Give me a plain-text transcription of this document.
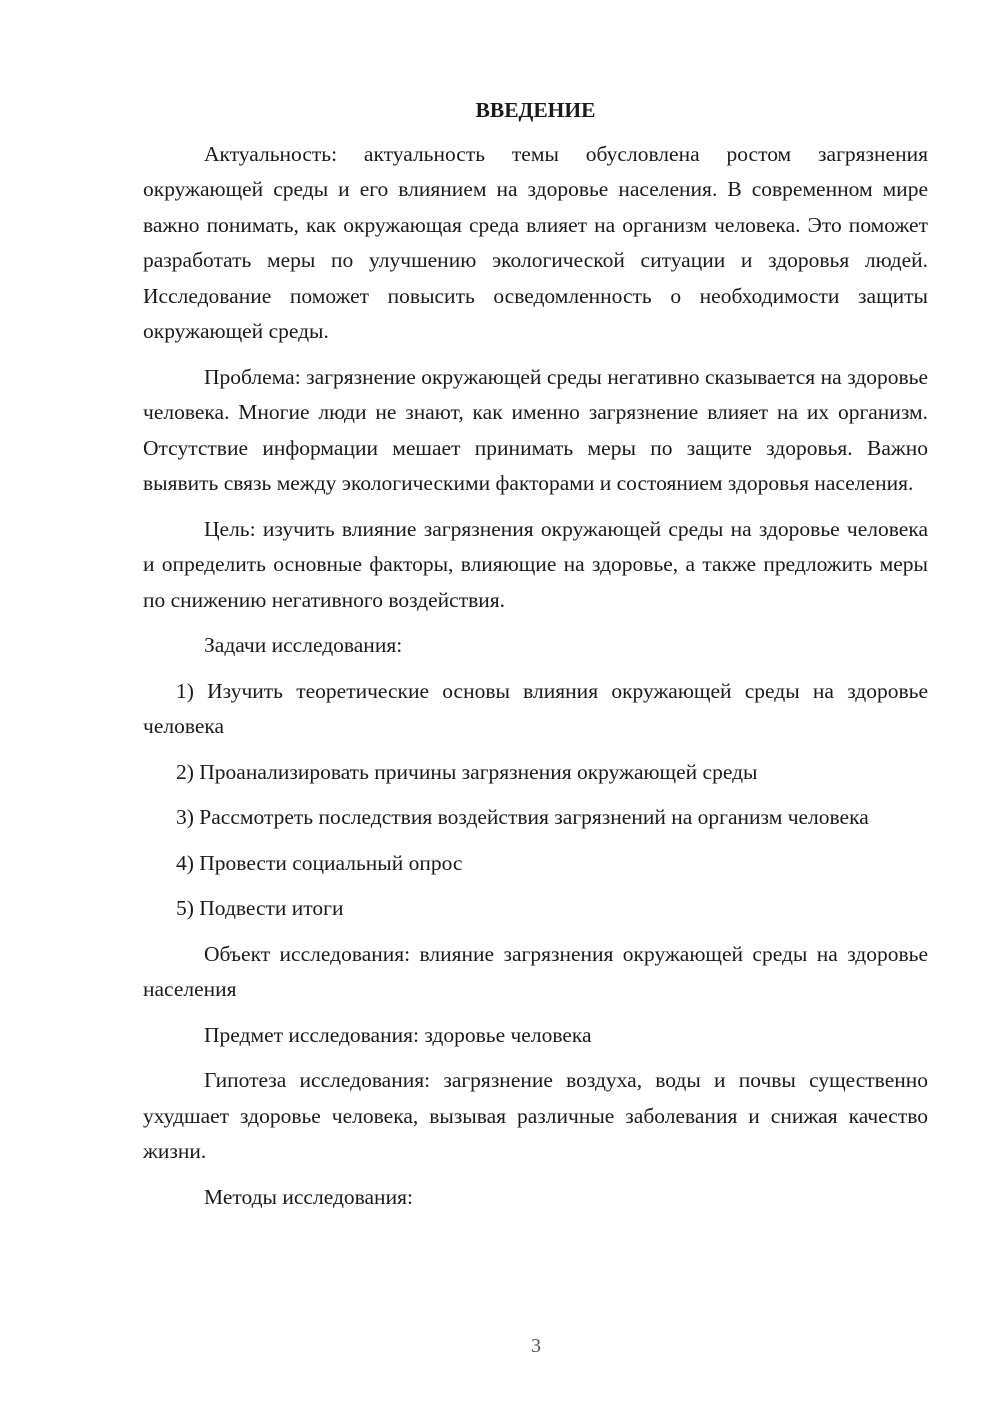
ВВЕДЕНИЕ

Актуальность: актуальность темы обусловлена ростом загрязнения окружающей среды и его влиянием на здоровье населения. В современном мире важно понимать, как окружающая среда влияет на организм человека. Это поможет разработать меры по улучшению экологической ситуации и здоровья людей. Исследование поможет повысить осведомленность о необходимости защиты окружающей среды.

Проблема: загрязнение окружающей среды негативно сказывается на здоровье человека. Многие люди не знают, как именно загрязнение влияет на их организм. Отсутствие информации мешает принимать меры по защите здоровья. Важно выявить связь между экологическими факторами и состоянием здоровья населения.

Цель: изучить влияние загрязнения окружающей среды на здоровье человека и определить основные факторы, влияющие на здоровье, а также предложить меры по снижению негативного воздействия.

Задачи исследования:

1) Изучить теоретические основы влияния окружающей среды на здоровье человека

2) Проанализировать причины загрязнения окружающей среды

3) Рассмотреть последствия воздействия загрязнений на организм человека

4) Провести социальный опрос

5) Подвести итоги

Объект исследования: влияние загрязнения окружающей среды на здоровье населения

Предмет исследования: здоровье человека

Гипотеза исследования: загрязнение воздуха, воды и почвы существенно ухудшает здоровье человека, вызывая различные заболевания и снижая качество жизни.

Методы исследования:

3
